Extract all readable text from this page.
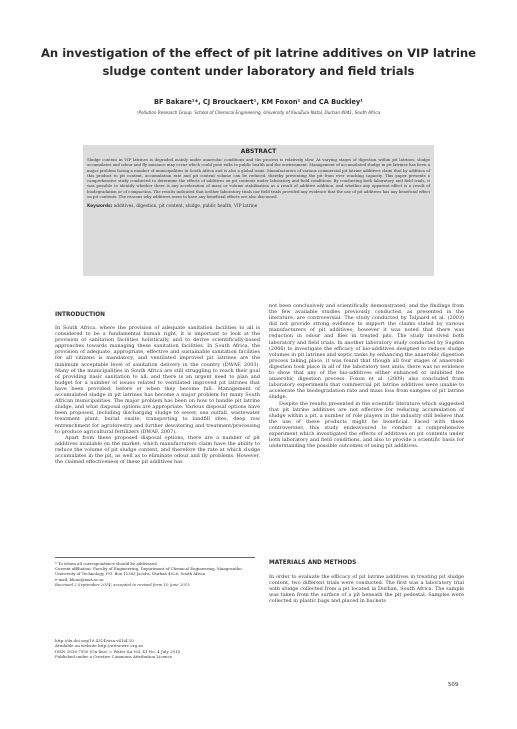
An investigation of the effect of pit latrine additives on VIP latrine sludge content under laboratory and field trials

BF Bakare¹*, CJ Brouckaert¹, KM Foxon¹ and CA Buckley¹

¹Pollution Research Group, School of Chemical Engineering, University of KwaZulu-Natal, Durban 4041, South Africa

ABSTRACT

Sludge content in VIP latrines is degraded mainly under anaerobic conditions and the process is relatively slow. At varying stages of digestion within pit latrines, sludge accumulates and odour and fly nuisance may occur which could pose risks to public health and the environment. Management of accumulated sludge in pit latrines has been a major problem facing a number of municipalities in South Africa and is also a global issue. Manufacturers of various commercial pit latrine additives claim that by addition of this product to pit content, accumulation rate and pit content volume can be reduced, thereby preventing the pit from ever reaching capacity. This paper presents a comprehensive study conducted to determine the effects of additives on pit contents under laboratory and field conditions. By conducting both laboratory and field trials, it was possible to identify whether there is any acceleration of mass or volume stabilisation as a result of additive addition, and whether any apparent effect is a result of biodegradation or of compaction. The results indicated that neither laboratory trials nor field trials provided any evidence that the use of pit additives has any beneficial effect on pit contents. The reasons why additives seem to have any beneficial effects are also discussed.

Keywords: additives, digestion, pit content, sludge, public health, VIP latrine

INTRODUCTION

In South Africa, where the provision of adequate sanitation facilities to all is considered to be a fundamental human right, it is important to look at the provision of sanitation facilities holistically, and to derive scientifically-based approaches towards managing these sanitation facilities. In South Africa, the provision of adequate, appropriate, effective and sustainable sanitation facilities for all citizens is mandatory, and ventilated improved pit latrines are the minimum acceptable level of sanitation delivery in the country (DWAF, 2003). Many of the municipalities in South Africa are still struggling to reach their goal of providing basic sanitation to all, and there is an urgent need to plan and budget for a number of issues related to ventilated improved pit latrines that have been provided, before or when they become full. Management of accumulated sludge in pit latrines has become a major problem for many South African municipalities. The major problem has been on how to handle pit latrine sludge, and what disposal options are appropriate. Various disposal options have been proposed, including discharging sludge to sewer, sea outfall, wastewater treatment plant, burial onsite, transporting to landfill sites, deep row entrenchment for agroforestry and further dewatering and treatment/processing to produce agricultural fertilizers (DWAF, 2007).

Apart from these proposed disposal options, there are a number of pit additives available on the market, which manufacturers claim have the ability to reduce the volume of pit sludge content, and therefore the rate at which sludge accumulates in the pit, as well as to eliminate odour and fly problems. However, the claimed effectiveness of these pit additives has

* To whom all correspondence should be addressed.

Current affiliation: Faculty of Engineering, Department of Chemical Engineering, Mangosuthu University of Technology, P.O. Box 12363 Jacobs, Durban 4026, South Africa

e-mail: bkoni@mut.ac.za

Received 2 September 2014; accepted in revised form 10 June 2015

not been conclusively and scientifically demonstrated, and the findings from the few available studies previously conducted, as presented in the literature, are controversial. The study conducted by Taljaard et al. (2003) did not provide strong evidence to support the claims stated by various manufacturers of pit additives; however it was noted that there was reduction in odour and flies in treated pits. The study involved both laboratory and field trials. In another laboratory study conducted by Sugden (2006) to investigate the efficacy of bio-additives designed to reduce sludge volumes in pit latrines and septic tanks by enhancing the anaerobic digestion process taking place, it was found that though all four stages of anaerobic digestion took place in all of the laboratory test units, there was no evidence to show that any of the bio-additives either enhanced or inhibited the anaerobic digestion process. Foxon et al. (2009) also concluded from laboratory experiments that commercial pit latrine additives were unable to accelerate the biodegradation rate and mass loss from samples of pit latrine sludge.

Despite the results presented in the scientific literature which suggested that pit latrine additives are not effective for reducing accumulation of sludge within a pit, a number of role players in the industry still believe that the use of these products might be beneficial. Faced with these controversies, this study endeavoured to conduct a comprehensive experiment which investigated the effects of additives on pit contents under both laboratory and field conditions, and also to provide a scientific basis for understanding the possible outcomes of using pit additives.

MATERIALS AND METHODS

In order to evaluate the efficacy of pit latrine additives in treating pit sludge content, two different trials were conducted. The first was a laboratory trial with sludge collected from a pit located in Durban, South Africa. The sample was taken from the surface of a pit beneath the pit pedestal. Samples were collected in plastic bags and placed in buckets

http://dx.doi.org/10.4314/wsa.v41i4.10

Available on website http://www.wrc.org.za

ISSN 1816-7950 (On-line) = Water SA Vol. 41 No. 4 July 2015

Published under a Creative Commons Attribution Licence

509
